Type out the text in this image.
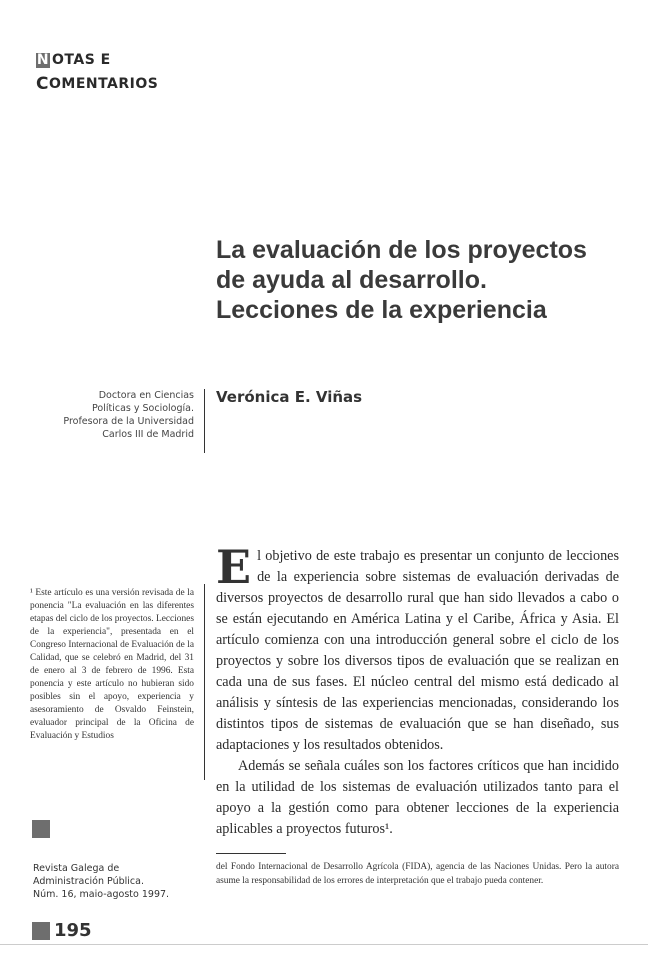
N OTAS E
C OMENTARIOS
La evaluación de los proyectos
de ayuda al desarrollo.
Lecciones de la experiencia
Doctora en Ciencias
Políticas y Sociología.
Profesora de la Universidad
Carlos III de Madrid
Verónica E. Viñas
¹ Este artículo es una versión revisada de la ponencia "La evaluación en las diferentes etapas del ciclo de los proyectos. Lecciones de la experiencia", presentada en el Congreso Internacional de Evaluación de la Calidad, que se celebró en Madrid, del 31 de enero al 3 de febrero de 1996. Esta ponencia y este artículo no hubieran sido posibles sin el apoyo, experiencia y asesoramiento de Osvaldo Feinstein, evaluador principal de la Oficina de Evaluación y Estudios
Revista Galega de
Administración Pública.
Núm. 16, maio-agosto 1997.
195

El objetivo de este trabajo es presentar un conjunto de lecciones de la experiencia sobre sistemas de evaluación derivadas de diversos proyectos de desarrollo rural que han sido llevados a cabo o se están ejecutando en América Latina y el Caribe, África y Asia. El artículo comienza con una introducción general sobre el ciclo de los proyectos y sobre los diversos tipos de evaluación que se realizan en cada una de sus fases. El núcleo central del mismo está dedicado al análisis y síntesis de las experiencias mencionadas, considerando los distintos tipos de sistemas de evaluación que se han diseñado, sus adaptaciones y los resultados obtenidos.

Además se señala cuáles son los factores críticos que han incidido en la utilidad de los sistemas de evaluación utilizados tanto para el apoyo a la gestión como para obtener lecciones de la experiencia aplicables a proyectos futuros¹.

del Fondo Internacional de Desarrollo Agrícola (FIDA), agencia de las Naciones Unidas. Pero la autora asume la responsabilidad de los errores de interpretación que el trabajo pueda contener.
